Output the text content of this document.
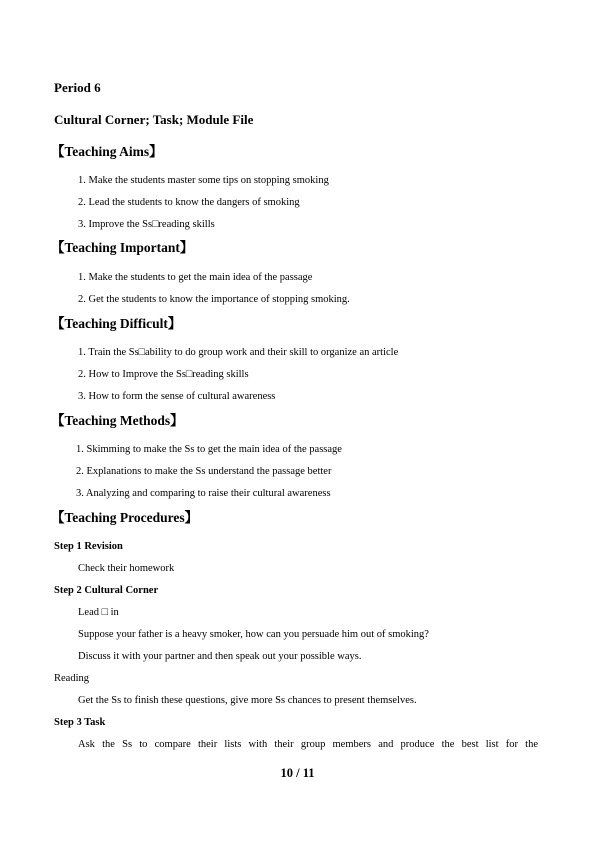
Period 6
Cultural Corner; Task; Module File
【Teaching Aims】
1. Make the students master some tips on stopping smoking
2. Lead the students to know the dangers of smoking
3. Improve the Ss□reading skills
【Teaching Important】
1. Make the students to get the main idea of the passage
2. Get the students to know the importance of stopping smoking.
【Teaching Difficult】
1. Train the Ss□ability to do group work and their skill to organize an article
2. How to Improve the Ss□reading skills
3. How to form the sense of cultural awareness
【Teaching Methods】
1. Skimming to make the Ss to get the main idea of the passage
2. Explanations to make the Ss understand the passage better
3. Analyzing and comparing to raise their cultural awareness
【Teaching Procedures】
Step 1 Revision
Check their homework
Step 2 Cultural Corner
Lead □ in
Suppose your father is a heavy smoker, how can you persuade him out of smoking?
Discuss it with your partner and then speak out your possible ways.
Reading
Get the Ss to finish these questions, give more Ss chances to present themselves.
Step 3 Task
Ask the Ss to compare their lists with their group members and produce the best list for the
10 / 11
